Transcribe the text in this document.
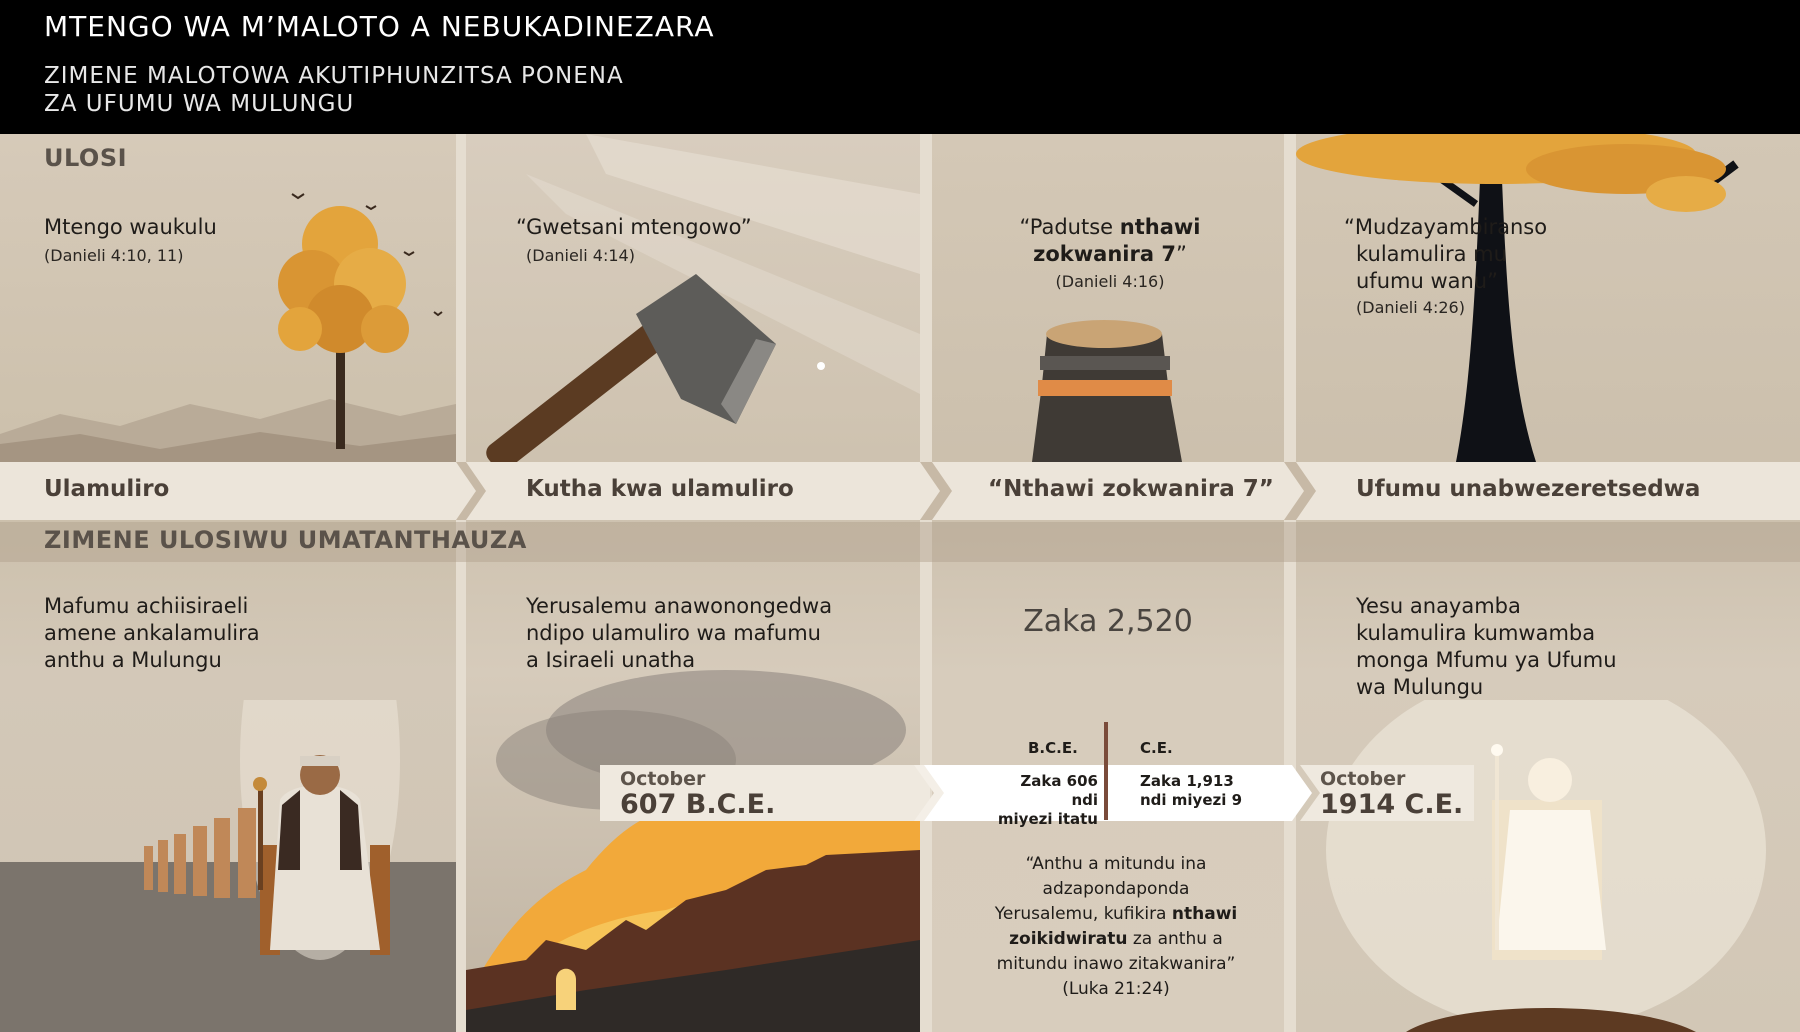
MTENGO WA M’MALOTO A NEBUKADINEZARA
ZIMENE MALOTOWA AKUTIPHUNZITSA PONENA
ZA UFUMU WA MULUNGU
ULOSI
Mtengo waukulu
(Danieli 4:10, 11)
“Gwetsani mtengowo”
(Danieli 4:14)
“Padutse nthawi
zokwanira 7”
(Danieli 4:16)
“Mudzayambiranso
kulamulira mu
ufumu wanu”
(Danieli 4:26)
Ulamuliro	Kutha kwa ulamuliro	“Nthawi zokwanira 7”	Ufumu unabwezeretsedwa
ZIMENE ULOSIWU UMATANTHAUZA
Mafumu achiisiraeli
amene ankalamulira
anthu a Mulungu
Yerusalemu anawonongedwa
ndipo ulamuliro wa mafumu
a Isiraeli unatha
Zaka 2,520	Yesu anayamba
kulamulira kumwamba
monga Mfumu ya Ufumu
wa Mulungu
October
607 B.C.E.
October
1914 C.E.
B.C.E.	C.E.
Zaka 606 ndi
miyezi itatu
Zaka 1,913
ndi miyezi 9
“Anthu a mitundu ina
adzapondaponda
Yerusalemu, kufikira nthawi
zoikidwiratu za anthu a
mitundu inawo zitakwanira”
(Luka 21:24)
